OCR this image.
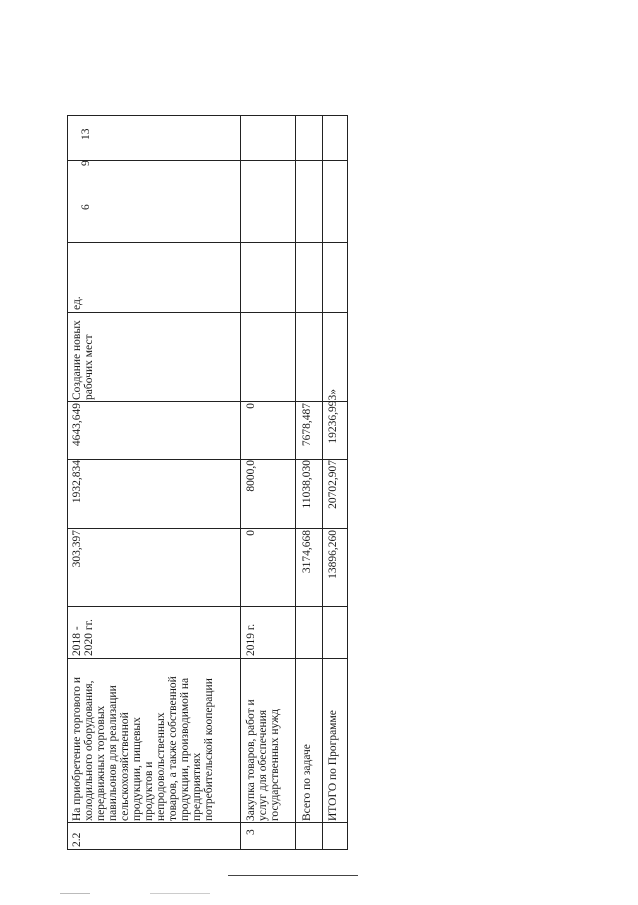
13
9
6
ед.
Создание новых рабочих мест
2.2
На приобретение торгового и
холодильного оборудования,
передвижных торговых
павильонов для реализации
сельскохозяйственной
продукции, пищевых
продуктов и
непродовольственных
товаров, а также собственной
продукции, производимой на
предприятиях
потребительской кооперации
2018 -
2020 гг.
303,397
1932,834
4643,649
3
Закупка товаров, работ и
услуг для обеспечения
государственных нужд
2019 г.
0
8000,0
0
Всего по задаче
3174,668
11038,030
7678,487
ИТОГО по Программе
13896,260
20702,907
19236,993»
